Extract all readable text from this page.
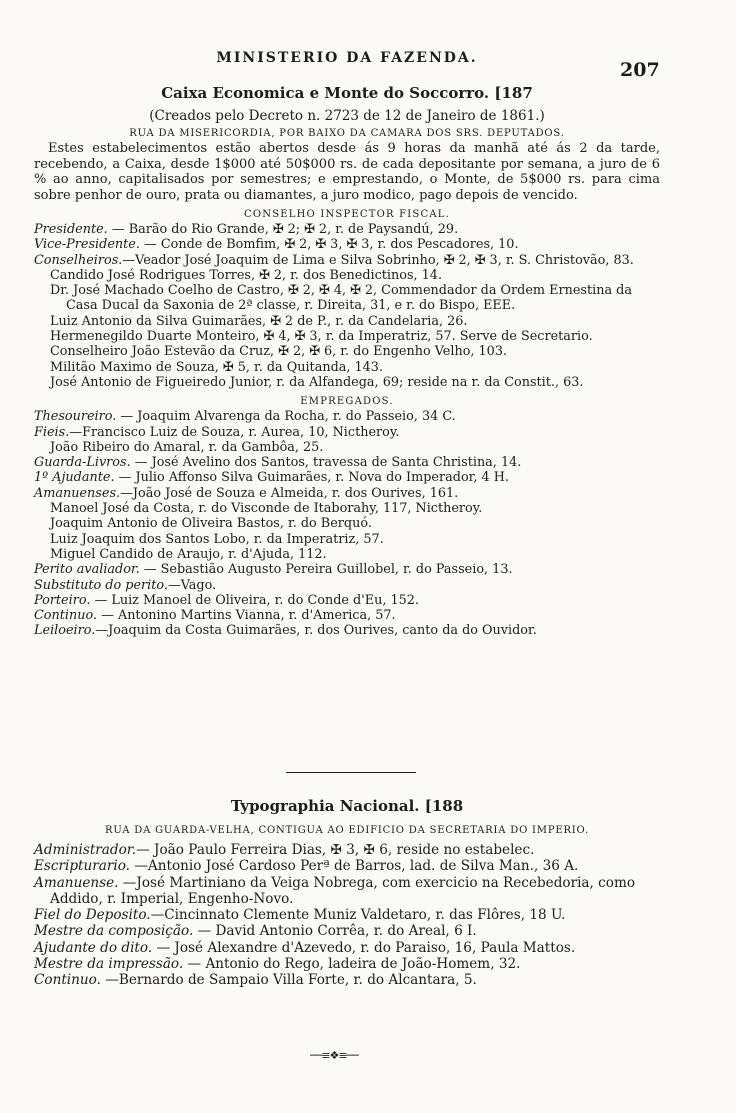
MINISTERIO DA FAZENDA.
207
Caixa Economica e Monte do Soccorro. [187
(Creados pelo Decreto n. 2723 de 12 de Janeiro de 1861.)
RUA DA MISERICORDIA, POR BAIXO DA CAMARA DOS SRS. DEPUTADOS.
Estes estabelecimentos estão abertos desde ás 9 horas da manhã até ás 2 da tarde, recebendo, a Caixa, desde 1$000 até 50$000 rs. de cada depositante por semana, a juro de 6 % ao anno, capitalisados por semestres; e emprestando, o Monte, de 5$000 rs. para cima sobre penhor de ouro, prata ou diamantes, a juro modico, pago depois de vencido.
CONSELHO INSPECTOR FISCAL.
Presidente. — Barão do Rio Grande, ✠ 2; ✠ 2, r. de Paysandú, 29.
Vice-Presidente. — Conde de Bomfim, ✠ 2, ✠ 3, ✠ 3, r. dos Pescadores, 10.
Conselheiros.—Veador José Joaquim de Lima e Silva Sobrinho, ✠ 2, ✠ 3, r. S. Christovão, 83.
Candido José Rodrigues Torres, ✠ 2, r. dos Benedictinos, 14.
Dr. José Machado Coelho de Castro, ✠ 2, ✠ 4, ✠ 2, Commendador da Ordem Ernestina da Casa Ducal da Saxonia de 2ª classe, r. Direita, 31, e r. do Bispo, EEE.
Luiz Antonio da Silva Guimarães, ✠ 2 de P., r. da Candelaria, 26.
Hermenegildo Duarte Monteiro, ✠ 4, ✠ 3, r. da Imperatriz, 57. Serve de Secretario.
Conselheiro João Estevão da Cruz, ✠ 2, ✠ 6, r. do Engenho Velho, 103.
Militão Maximo de Souza, ✠ 5, r. da Quitanda, 143.
José Antonio de Figueiredo Junior, r. da Alfandega, 69; reside na r. da Constit., 63.
EMPREGADOS.
Thesoureiro. — Joaquim Alvarenga da Rocha, r. do Passeio, 34 C.
Fieis.—Francisco Luiz de Souza, r. Aurea, 10, Nictheroy.
João Ribeiro do Amaral, r. da Gambôa, 25.
Guarda-Livros. — José Avelino dos Santos, travessa de Santa Christina, 14.
1º Ajudante. — Julio Affonso Silva Guimarães, r. Nova do Imperador, 4 H.
Amanuenses.—João José de Souza e Almeida, r. dos Ourives, 161.
Manoel José da Costa, r. do Visconde de Itaborahy, 117, Nictheroy.
Joaquim Antonio de Oliveira Bastos, r. do Berquó.
Luiz Joaquim dos Santos Lobo, r. da Imperatriz, 57.
Miguel Candido de Araujo, r. d'Ajuda, 112.
Perito avaliador. — Sebastião Augusto Pereira Guillobel, r. do Passeio, 13.
Substituto do perito.—Vago.
Porteiro. — Luiz Manoel de Oliveira, r. do Conde d'Eu, 152.
Continuo. — Antonino Martins Vianna, r. d'America, 57.
Leiloeiro.—Joaquim da Costa Guimarães, r. dos Ourives, canto da do Ouvidor.
Typographia Nacional. [188
RUA DA GUARDA-VELHA, CONTIGUA AO EDIFICIO DA SECRETARIA DO IMPERIO.
Administrador.— João Paulo Ferreira Dias, ✠ 3, ✠ 6, reside no estabelec.
Escripturario. —Antonio José Cardoso Perª de Barros, lad. de Silva Man., 36 A.
Amanuense. —José Martiniano da Veiga Nobrega, com exercicio na Recebedoria, como Addido, r. Imperial, Engenho-Novo.
Fiel do Deposito.—Cincinnato Clemente Muniz Valdetaro, r. das Flôres, 18 U.
Mestre da composição. — David Antonio Corrêa, r. do Areal, 6 I.
Ajudante do dito. — José Alexandre d'Azevedo, r. do Paraiso, 16, Paula Mattos.
Mestre da impressão. — Antonio do Rego, ladeira de João-Homem, 32.
Continuo. —Bernardo de Sampaio Villa Forte, r. do Alcantara, 5.
──≡❖≡──
